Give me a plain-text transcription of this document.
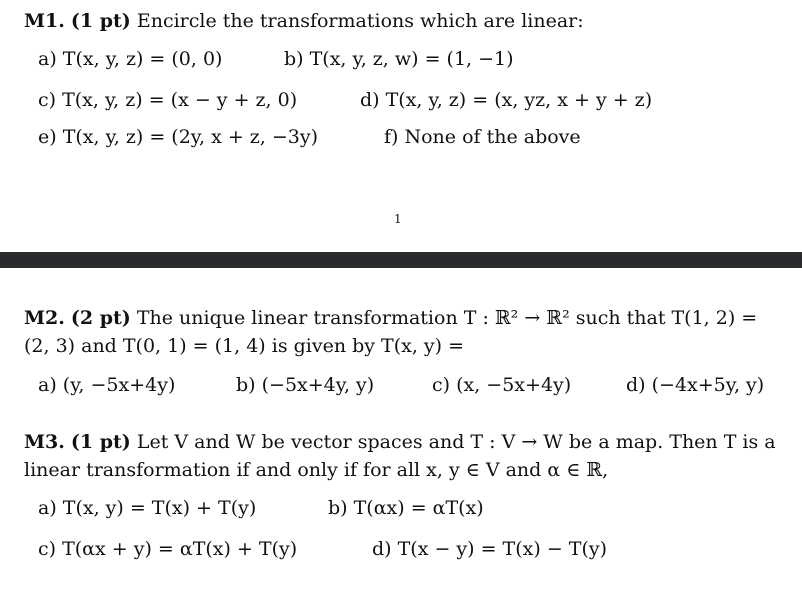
M1. (1 pt) Encircle the transformations which are linear:
a) T(x, y, z) = (0, 0)	b) T(x, y, z, w) = (1, −1)
c) T(x, y, z) = (x − y + z, 0)	d) T(x, y, z) = (x, yz, x + y + z)
e) T(x, y, z) = (2y, x + z, −3y)	f) None of the above
1
M2. (2 pt) The unique linear transformation T : ℝ² → ℝ² such that T(1, 2) = (2, 3) and T(0, 1) = (1, 4) is given by T(x, y) =
a) (y, −5x+4y)	b) (−5x+4y, y)	c) (x, −5x+4y)	d) (−4x+5y, y)
M3. (1 pt) Let V and W be vector spaces and T : V → W be a map. Then T is a linear transformation if and only if for all x, y ∈ V and α ∈ ℝ,
a) T(x, y) = T(x) + T(y)	b) T(αx) = αT(x)
c) T(αx + y) = αT(x) + T(y)	d) T(x − y) = T(x) − T(y)
